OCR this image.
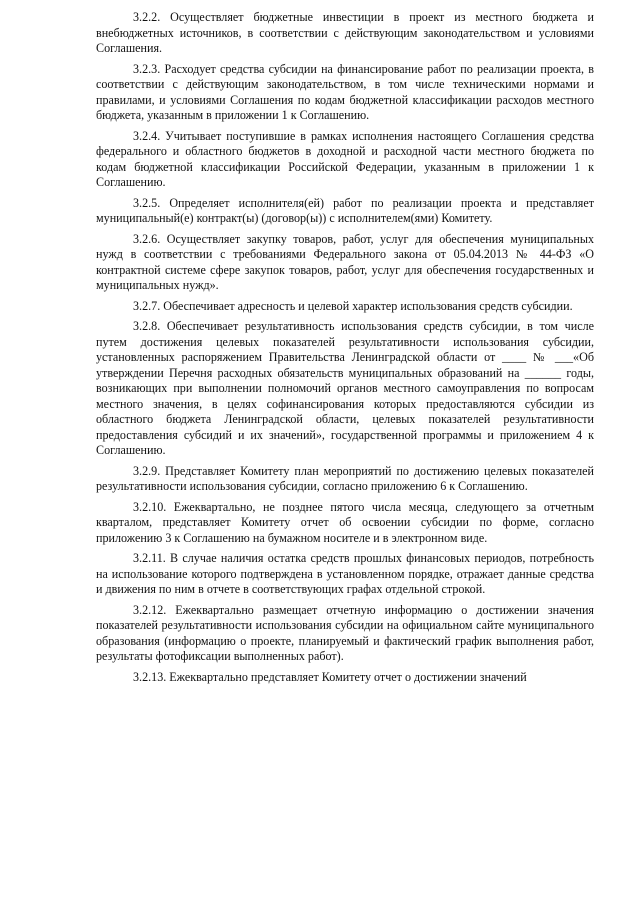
3.2.2. Осуществляет бюджетные инвестиции в проект из местного бюджета и внебюджетных источников, в соответствии с действующим законодательством и условиями Соглашения.

3.2.3. Расходует средства субсидии на финансирование работ по реализации проекта, в соответствии с действующим законодательством, в том числе техническими нормами и правилами, и условиями Соглашения по кодам бюджетной классификации расходов местного бюджета, указанным в приложении 1 к Соглашению.

3.2.4. Учитывает поступившие в рамках исполнения настоящего Соглашения средства федерального и областного бюджетов в доходной и расходной части местного бюджета по кодам бюджетной классификации Российской Федерации, указанным в приложении 1 к Соглашению.

3.2.5. Определяет исполнителя(ей) работ по реализации проекта и представляет муниципальный(е) контракт(ы) (договор(ы)) с исполнителем(ями) Комитету.

3.2.6. Осуществляет закупку товаров, работ, услуг для обеспечения муниципальных нужд в соответствии с требованиями Федерального закона от 05.04.2013 № 44-ФЗ «О контрактной системе сфере закупок товаров, работ, услуг для обеспечения государственных и муниципальных нужд».

3.2.7. Обеспечивает адресность и целевой характер использования средств субсидии.

3.2.8. Обеспечивает результативность использования средств субсидии, в том числе путем достижения целевых показателей результативности использования субсидии, установленных распоряжением Правительства Ленинградской области от ____ № ___«Об утверждении Перечня расходных обязательств муниципальных образований на ______ годы, возникающих при выполнении полномочий органов местного самоуправления по вопросам местного значения, в целях софинансирования которых предоставляются субсидии из областного бюджета Ленинградской области, целевых показателей результативности предоставления субсидий и их значений», государственной программы и приложением 4 к Соглашению.

3.2.9. Представляет Комитету план мероприятий по достижению целевых показателей результативности использования субсидии, согласно приложению 6 к Соглашению.

3.2.10. Ежеквартально, не позднее пятого числа месяца, следующего за отчетным кварталом, представляет Комитету отчет об освоении субсидии по форме, согласно приложению 3 к Соглашению на бумажном носителе и в электронном виде.

3.2.11. В случае наличия остатка средств прошлых финансовых периодов, потребность на использование которого подтверждена в установленном порядке, отражает данные средства и движения по ним в отчете в соответствующих графах отдельной строкой.

3.2.12. Ежеквартально размещает отчетную информацию о достижении значения показателей результативности использования субсидии на официальном сайте муниципального образования (информацию о проекте, планируемый и фактический график выполнения работ, результаты фотофиксации выполненных работ).

3.2.13. Ежеквартально представляет Комитету отчет о достижении значений
